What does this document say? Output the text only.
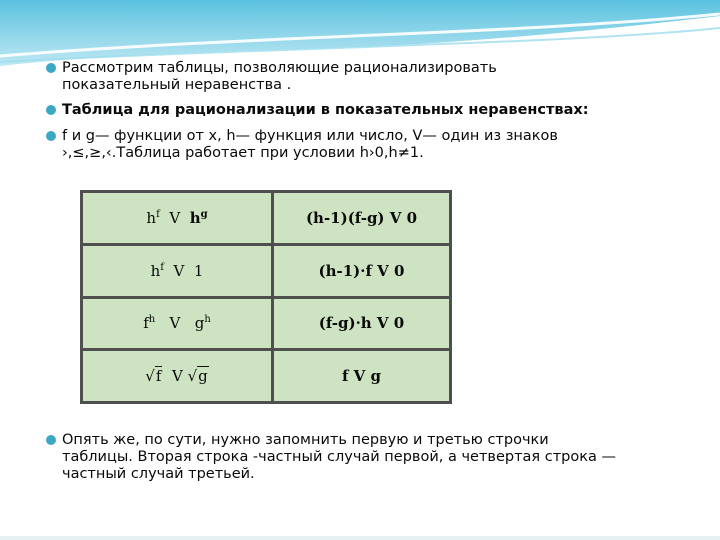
Рассмотрим таблицы, позволяющие рационализировать
показательный неравенства .
Таблица для рационализации в показательных неравенствах:
f и g— функции от x, h— функция или число, V— один из знаков
›,≤,≥,‹.Таблица работает при условии h›0,h≠1.
$h^f$ V $h^g$	(h-1)(f-g) V 0
$h^f$ V 1	(h-1)·f V 0
$f^h$ V $g^h$	(f-g)·h V 0
√f V √g	f V g
Опять же, по сути, нужно запомнить первую и третью строчки
таблицы. Вторая строка -частный случай первой, а четвертая строка —
частный случай третьей.
